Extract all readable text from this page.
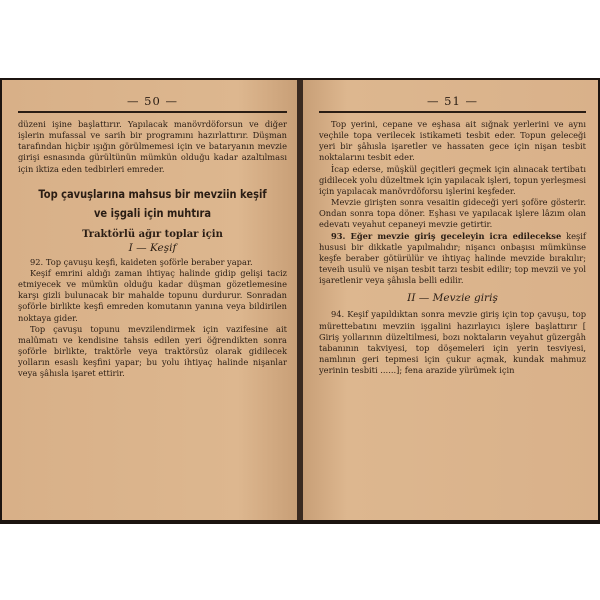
— 50 —

düzeni işine başlattırır. Yapılacak manövrdöforsun ve diğer işlerin mufassal ve sarih bir programını hazırlattırır. Düşman tarafından hiçbir ışığın görülmemesi için ve bataryanın mevzie girişi esnasında gürültünün mümkün olduğu kadar azaltılması için iktiza eden tedbirleri emreder.

Top çavuşlarına mahsus bir mevziin keşif
ve işgali için muhtıra
Traktörlü ağır toplar için
I — Keşif

92. Top çavuşu keşfi, kaideten şoförle beraber yapar.

Keşif emrini aldığı zaman ihtiyaç halinde gidip gelişi taciz etmiyecek ve mümkün olduğu kadar düşman gözetlemesine karşı gizli bulunacak bir mahalde topunu durdurur. Sonradan şoförle birlikte keşfi emreden komutanın yanına veya bildirilen noktaya gider.

Top çavuşu topunu mevzilendirmek için vazifesine ait malûmatı ve kendisine tahsis edilen yeri öğrendikten sonra şoförle birlikte, traktörle veya traktörsüz olarak gidilecek yolların esaslı keşfini yapar; bu yolu ihtiyaç halinde nişanlar veya şâhısla işaret ettirir.

— 51 —

Top yerini, cepane ve eşhasa ait sığnak yerlerini ve aynı veçhile topa verilecek istikameti tesbit eder. Topun geleceği yeri bir şâhısla işaretler ve hassaten gece için nişan tesbit noktalarını tesbit eder.

İcap ederse, müşkül geçitleri geçmek için alınacak tertibatı gidilecek yolu düzeltmek için yapılacak işleri, topun yerleşmesi için yapılacak manövrdöforsu işlerini keşfeder.

Mevzie girişten sonra vesaitin gideceği yeri şoföre gösterir. Ondan sonra topa döner. Eşhası ve yapılacak işlere lâzım olan edevatı veyahut cepaneyi mevzie getirtir.

93. Eğer mevzie giriş geceleyin icra edilecekse keşif hususi bir dikkatle yapılmalıdır; nişancı onbaşısı mümkünse keşfe beraber götürülür ve ihtiyaç halinde mevzide bırakılır; teveih usulü ve nişan tesbit tarzı tesbit edilir; top mevzii ve yol işaretlenir veya şâhısla belli edilir.

II — Mevzie giriş

94. Keşif yapıldıktan sonra mevzie giriş için top çavuşu, top mürettebatını mevziin işgalini hazırlayıcı işlere başlattırır [ Giriş yollarının düzeltilmesi, bozı noktaların veyahut güzergâh tabanının takviyesi, top döşemeleri için yerin tesviyesi, namlının geri tepmesi için çukur açmak, kundak mahmuz yerinin tesbiti ......]; fena arazide yürümek için
